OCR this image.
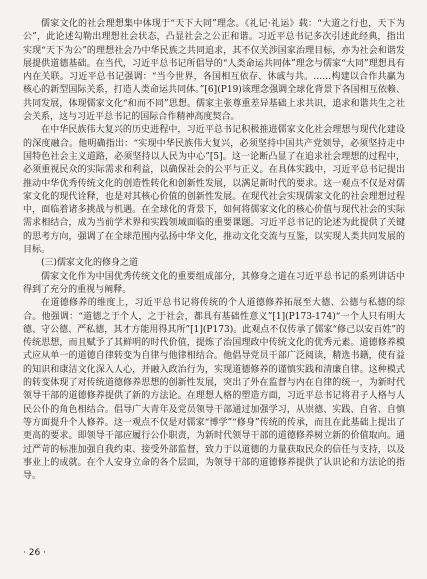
儒家文化的社会理想集中体现于“天下大同”理念。《礼记·礼运》载：“大道之行也，天下为公”，此论述勾勒出理想社会状态，凸显社会之公正和谐。习近平总书记多次引述此经典，指出实现“天下为公”的理想社会乃中华民族之共同追求，其不仅关涉国家治理目标，亦为社会和谐发展提供道德基础。在当代，习近平总书记所倡导的“人类命运共同体”理念与儒家“大同”理想具有内在关联。习近平总书记强调：“当今世界，各国相互依存、休戚与共。……构建以合作共赢为核心的新型国际关系，打造人类命运共同体。”[6](P19)该理念强调全球化背景下各国相互依赖、共同发展，体现儒家文化“和而不同”思想。儒家主张尊重差异基础上求共识，追求和谐共生之社会关系，这与习近平总书记的国际合作精神高度契合。

在中华民族伟大复兴的历史进程中，习近平总书记积极推进儒家文化社会理想与现代化建设的深度融合。他明确指出：“实现中华民族伟大复兴，必须坚持中国共产党领导，必须坚持走中国特色社会主义道路，必须坚持以人民为中心”[5]。这一论断凸显了在追求社会理想的过程中，必须重视民众的实际需求和利益，以确保社会的公平与正义。在具体实践中，习近平总书记提出推动中华优秀传统文化的创造性转化和创新性发展，以满足新时代的要求。这一观点不仅是对儒家文化的现代诠释，也是对其核心价值的创新性发展。在现代社会实现儒家文化的社会理想过程中，面临着诸多挑战与机遇。在全球化的背景下，如何将儒家文化的核心价值与现代社会的实际需求相结合，成为当前学术界和实践领域面临的重要课题。习近平总书记的论述为此提供了关键的思考方向，强调了在全球范围内弘扬中华文化，推动文化交流与互鉴，以实现人类共同发展的目标。

(三)儒家文化的修身之道

儒家文化作为中国优秀传统文化的重要组成部分，其修身之道在习近平总书记的系列讲话中得到了充分的重视与阐释。

在道德修养的维度上，习近平总书记将传统的个人道德修养拓展至大德、公德与私德的综合。他强调：“道德之于个人，之于社会，都具有基础性意义”[1](P173-174)“一个人只有明大德、守公德、严私德，其才方能用得其所”[1](P173)。此观点不仅传承了儒家“修己以安百姓”的传统思想，而且赋予了其鲜明的时代价值，提炼了治国理政中传统文化的优秀元素。道德修养模式应从单一的道德自律转变为自律与他律相结合。他倡导党员干部广泛阅读，精选书籍，使有益的知识和康洁文化深入人心，并融入政治行为，实现道德修养的谨慎实践和清廉自律。这种模式的转变体现了对传统道德修养思想的创新性发展，突出了外在监督与内在自律的统一，为新时代领导干部的道德修养提供了新的方法论。在理想人格的塑造方面，习近平总书记将君子人格与人民公仆的角色相结合。倡导广大青年及党员领导干部通过加强学习，从崇德、实践、自省、自慎等方面提升个人修养。这一观点不仅是对儒家“博学”“修身”传统的传承，而且在此基础上提出了更高的要求。即领导干部应履行公仆职责，为新时代领导干部的道德修养树立新的价值取向。通过严苛的标准加强自我约束、接受外部监督，致力于以道德的力量获取民众的信任与支持，以及事业上的成就。在个人安身立命的各个层面，为领导干部的道德修养提供了认识论和方法论的指导。

· 26 ·
